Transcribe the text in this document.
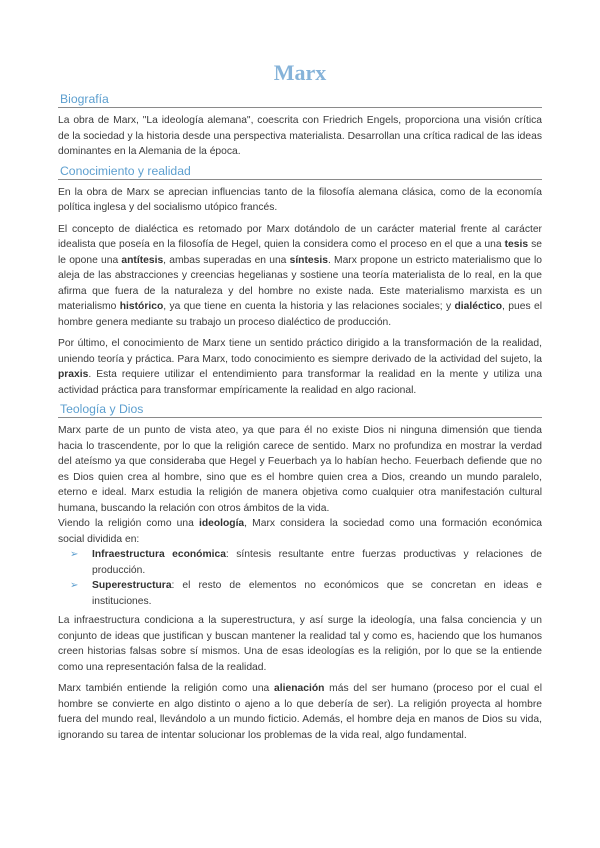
Marx
Biografía

La obra de Marx, "La ideología alemana", coescrita con Friedrich Engels, proporciona una visión crítica de la sociedad y la historia desde una perspectiva materialista. Desarrollan una crítica radical de las ideas dominantes en la Alemania de la época.

Conocimiento y realidad

En la obra de Marx se aprecian influencias tanto de la filosofía alemana clásica, como de la economía política inglesa y del socialismo utópico francés.

El concepto de dialéctica es retomado por Marx dotándolo de un carácter material frente al carácter idealista que poseía en la filosofía de Hegel, quien la considera como el proceso en el que a una tesis se le opone una antítesis, ambas superadas en una síntesis. Marx propone un estricto materialismo que lo aleja de las abstracciones y creencias hegelianas y sostiene una teoría materialista de lo real, en la que afirma que fuera de la naturaleza y del hombre no existe nada. Este materialismo marxista es un materialismo histórico, ya que tiene en cuenta la historia y las relaciones sociales; y dialéctico, pues el hombre genera mediante su trabajo un proceso dialéctico de producción.

Por último, el conocimiento de Marx tiene un sentido práctico dirigido a la transformación de la realidad, uniendo teoría y práctica. Para Marx, todo conocimiento es siempre derivado de la actividad del sujeto, la praxis. Esta requiere utilizar el entendimiento para transformar la realidad en la mente y utiliza una actividad práctica para transformar empíricamente la realidad en algo racional.

Teología y Dios

Marx parte de un punto de vista ateo, ya que para él no existe Dios ni ninguna dimensión que tienda hacia lo trascendente, por lo que la religión carece de sentido. Marx no profundiza en mostrar la verdad del ateísmo ya que consideraba que Hegel y Feuerbach ya lo habían hecho. Feuerbach defiende que no es Dios quien crea al hombre, sino que es el hombre quien crea a Dios, creando un mundo paralelo, eterno e ideal. Marx estudia la religión de manera objetiva como cualquier otra manifestación cultural humana, buscando la relación con otros ámbitos de la vida.

Viendo la religión como una ideología, Marx considera la sociedad como una formación económica social dividida en:

➢ Infraestructura económica: síntesis resultante entre fuerzas productivas y relaciones de producción.
➢ Superestructura: el resto de elementos no económicos que se concretan en ideas e instituciones.

La infraestructura condiciona a la superestructura, y así surge la ideología, una falsa conciencia y un conjunto de ideas que justifican y buscan mantener la realidad tal y como es, haciendo que los humanos creen historias falsas sobre sí mismos. Una de esas ideologías es la religión, por lo que se la entiende como una representación falsa de la realidad.

Marx también entiende la religión como una alienación más del ser humano (proceso por el cual el hombre se convierte en algo distinto o ajeno a lo que debería de ser). La religión proyecta al hombre fuera del mundo real, llevándolo a un mundo ficticio. Además, el hombre deja en manos de Dios su vida, ignorando su tarea de intentar solucionar los problemas de la vida real, algo fundamental.
